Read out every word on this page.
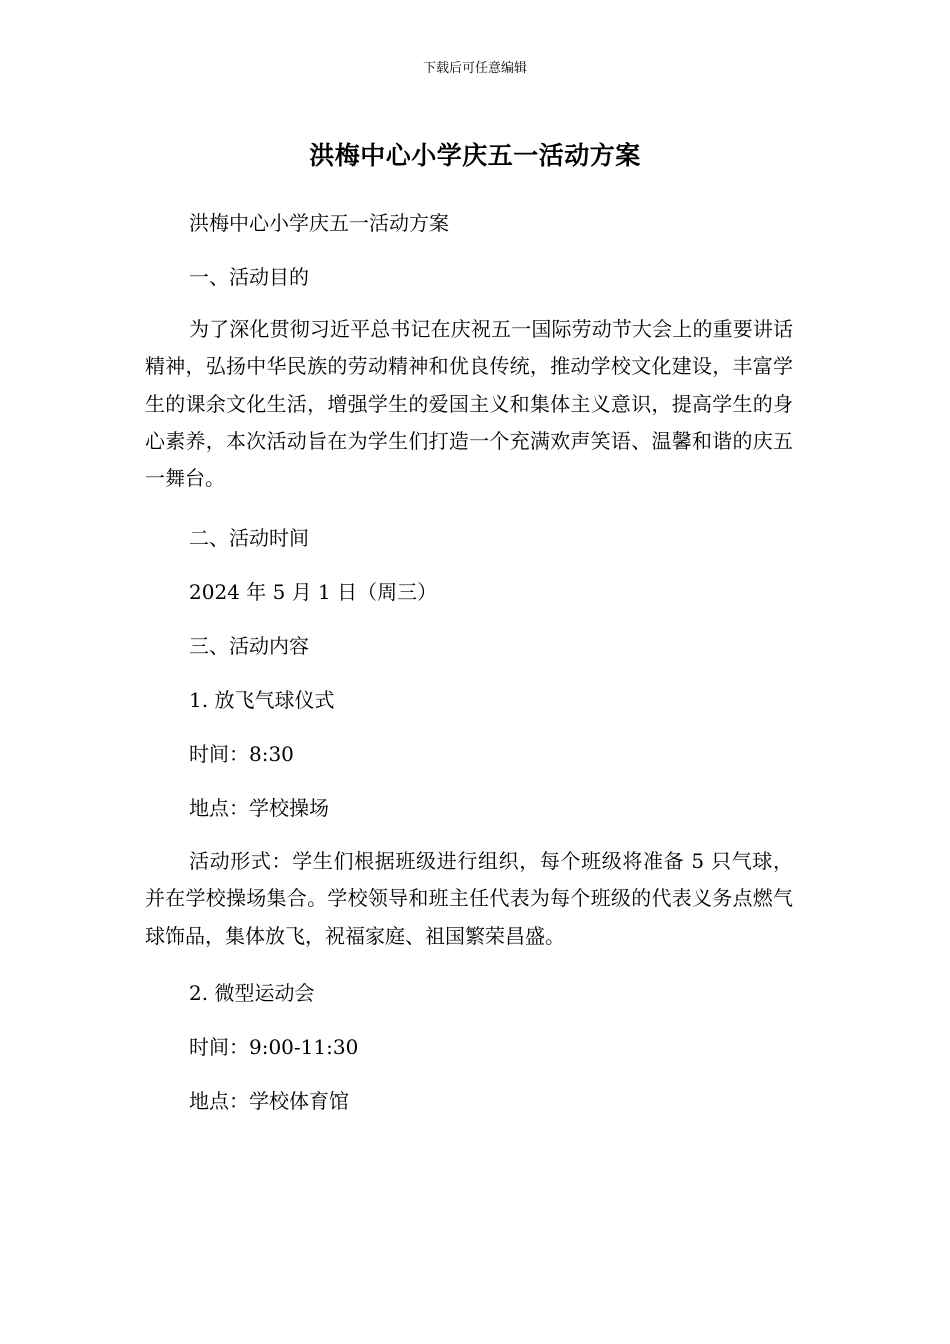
下载后可任意编辑
洪梅中心小学庆五一活动方案

洪梅中心小学庆五一活动方案

一、活动目的

为了深化贯彻习近平总书记在庆祝五一国际劳动节大会上的重要讲话精神，弘扬中华民族的劳动精神和优良传统，推动学校文化建设，丰富学生的课余文化生活，增强学生的爱国主义和集体主义意识，提高学生的身心素养，本次活动旨在为学生们打造一个充满欢声笑语、温馨和谐的庆五一舞台。

二、活动时间

2024 年 5 月 1 日（周三）

三、活动内容

1. 放飞气球仪式

时间：8:30

地点：学校操场

活动形式：学生们根据班级进行组织，每个班级将准备 5 只气球，并在学校操场集合。学校领导和班主任代表为每个班级的代表义务点燃气球饰品，集体放飞，祝福家庭、祖国繁荣昌盛。

2. 微型运动会

时间：9:00-11:30

地点：学校体育馆
